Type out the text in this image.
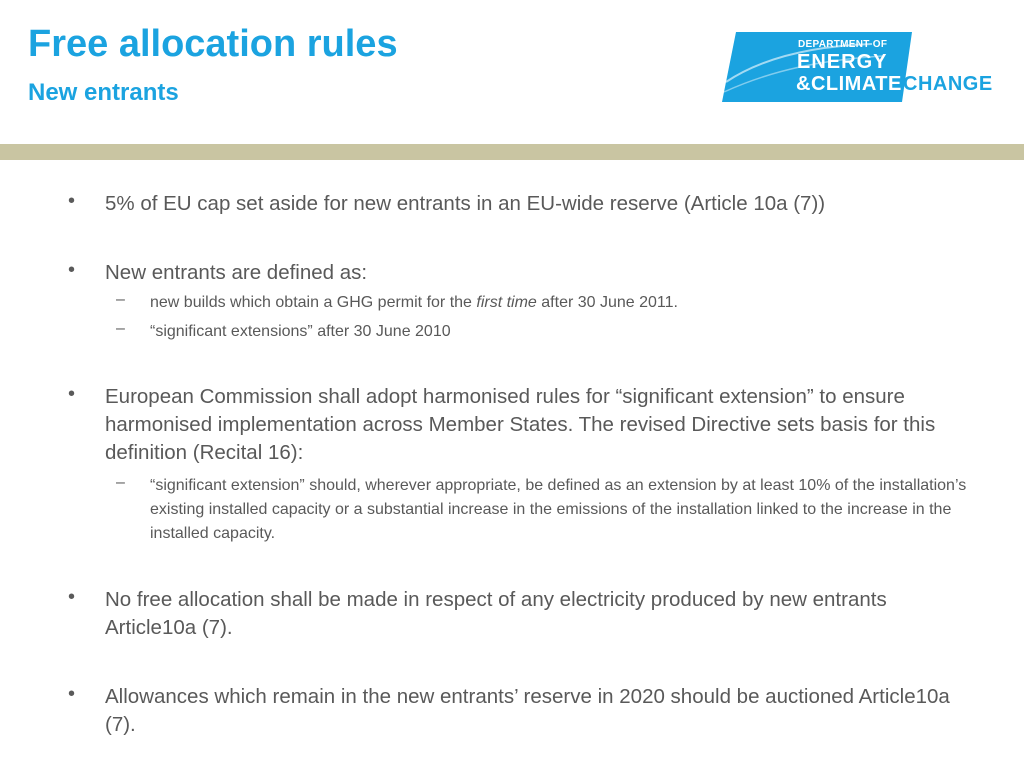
Free allocation rules
New entrants
DEPARTMENT OF
ENERGY
&CLIMATE CHANGE
• 5% of EU cap set aside for new entrants in an EU-wide reserve (Article 10a (7))
• New entrants are defined as:
– new builds which obtain a GHG permit for the first time after 30 June 2011.
– “significant extensions” after 30 June 2010
• European Commission shall adopt harmonised rules for “significant extension” to ensure harmonised implementation across Member States. The revised Directive sets basis for this definition (Recital 16):
– “significant extension” should, wherever appropriate, be defined as an extension by at least 10% of the installation’s existing installed capacity or a substantial increase in the emissions of the installation linked to the increase in the installed capacity.
• No free allocation shall be made in respect of any electricity produced by new entrants Article10a (7).
• Allowances which remain in the new entrants’ reserve in 2020 should be auctioned Article10a (7).
